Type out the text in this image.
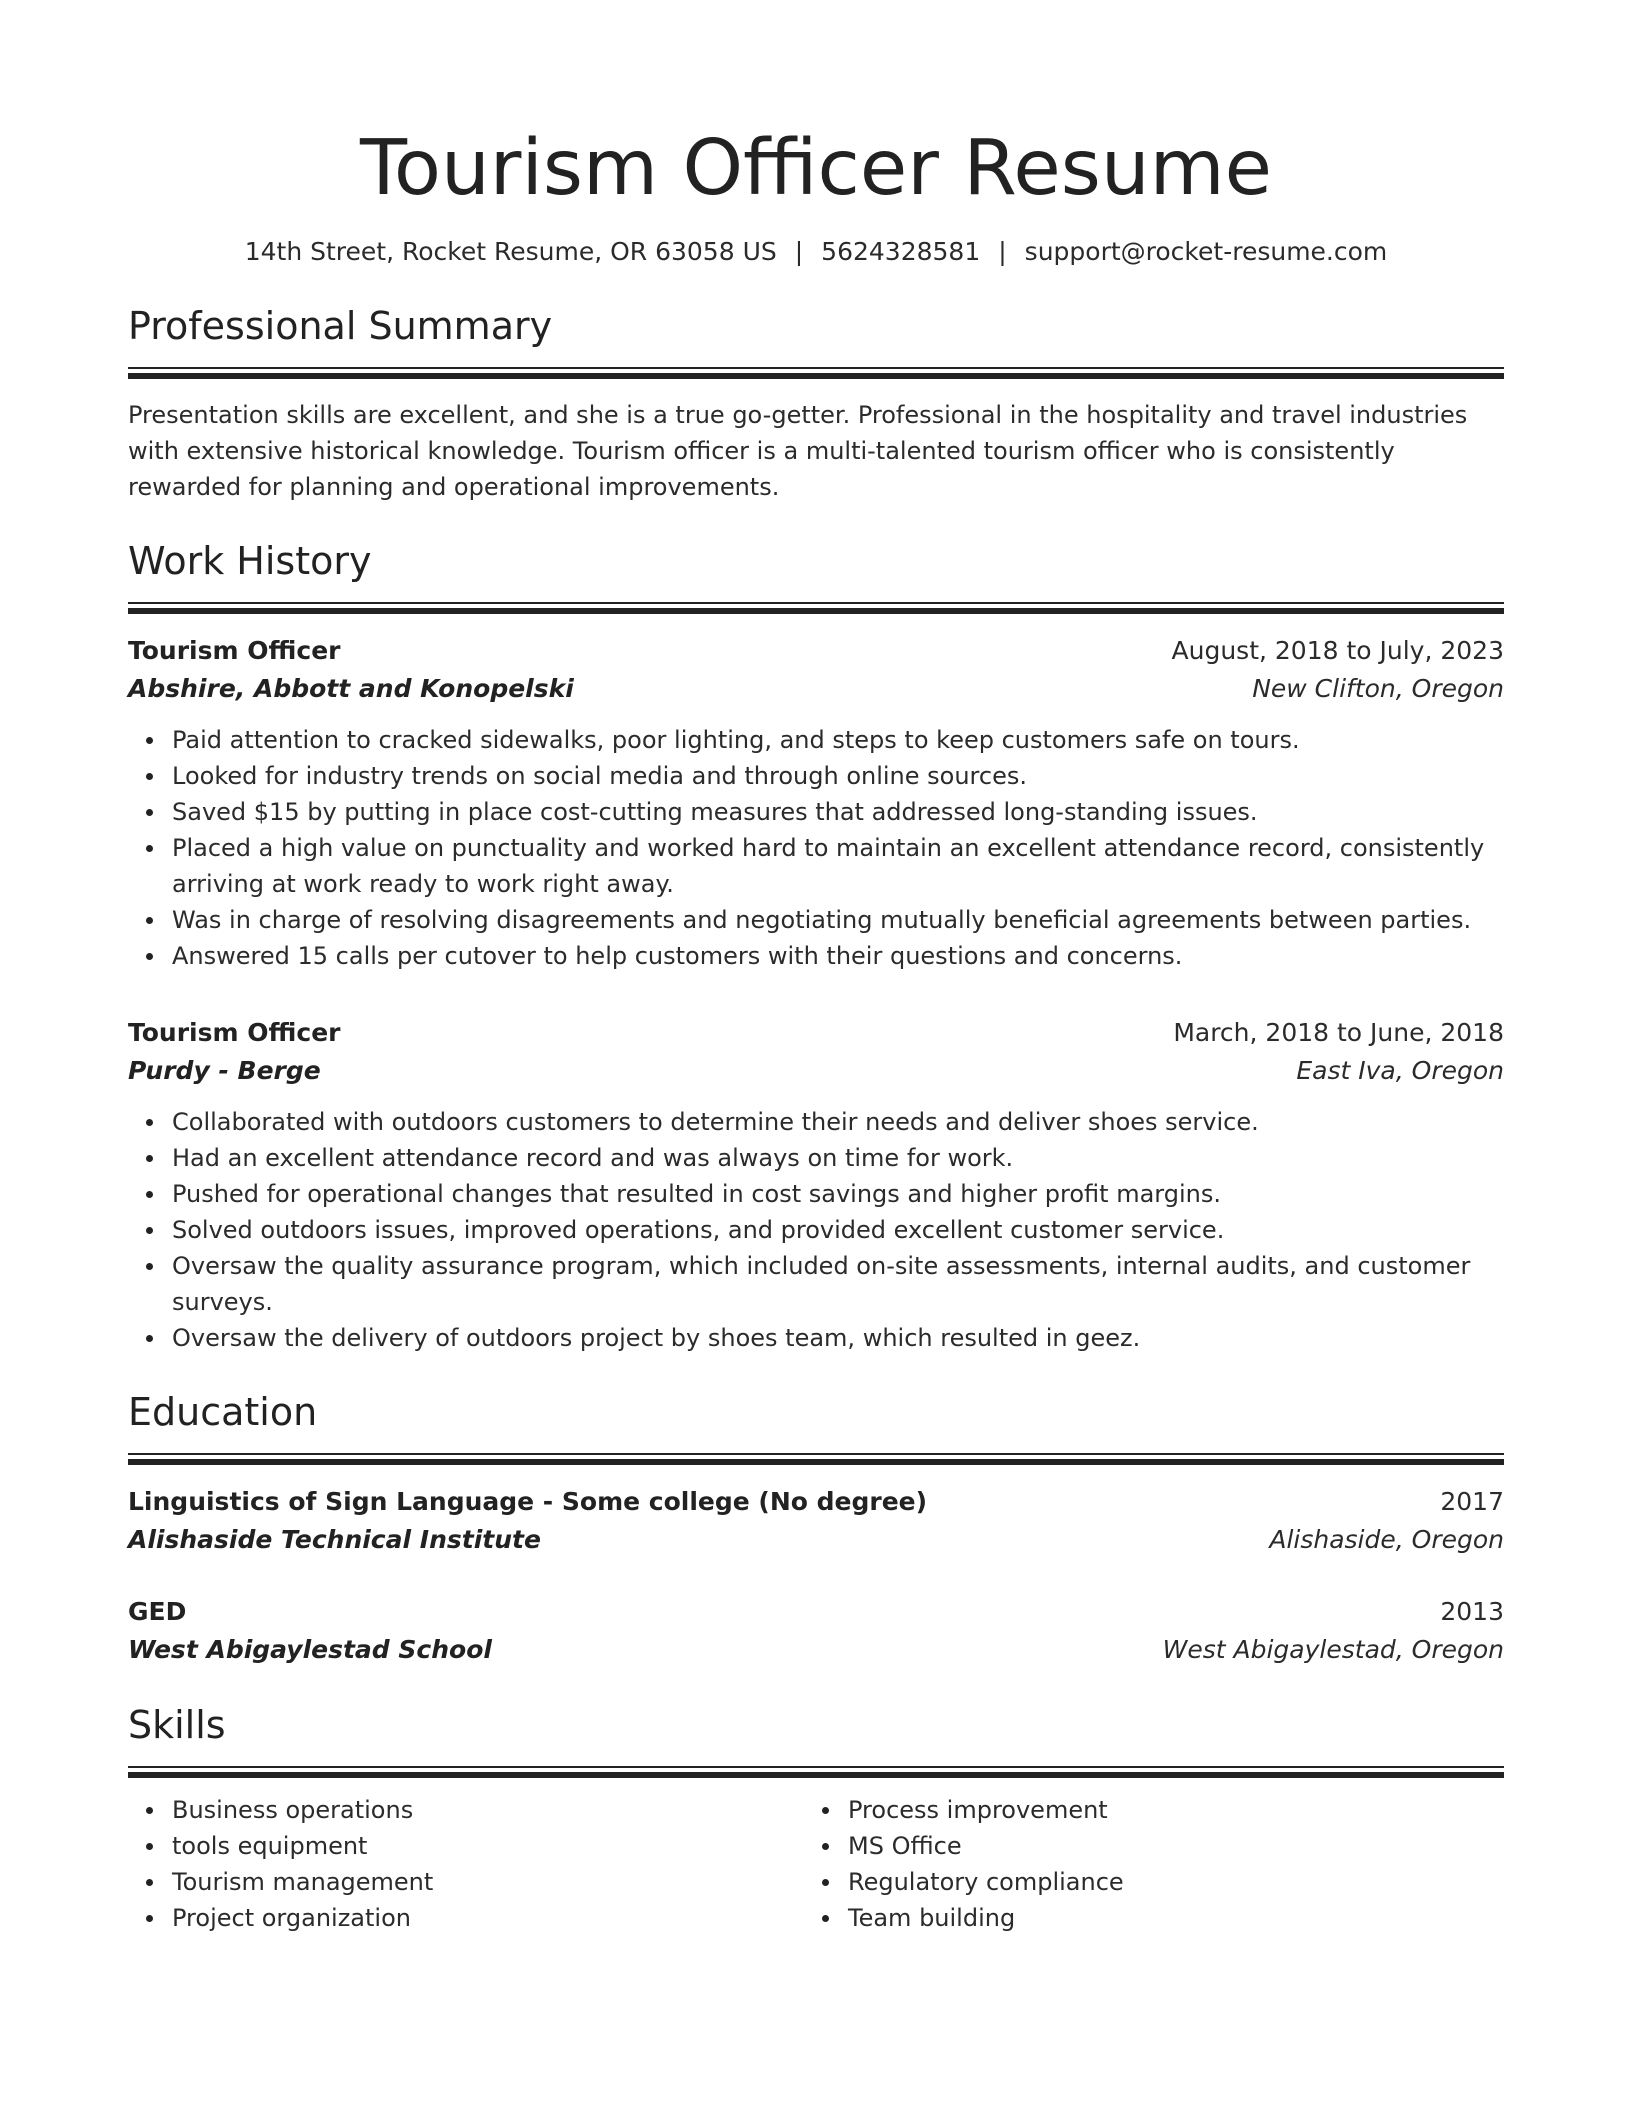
Tourism Officer Resume
14th Street, Rocket Resume, OR 63058 US | 5624328581 | support@rocket-resume.com
Professional Summary

Presentation skills are excellent, and she is a true go-getter. Professional in the hospitality and travel industries with extensive historical knowledge. Tourism officer is a multi-talented tourism officer who is consistently rewarded for planning and operational improvements.

Work History
Tourism Officer	August, 2018 to July, 2023
Abshire, Abbott and Konopelski	New Clifton, Oregon
Paid attention to cracked sidewalks, poor lighting, and steps to keep customers safe on tours.
Looked for industry trends on social media and through online sources.
Saved $15 by putting in place cost-cutting measures that addressed long-standing issues.
Placed a high value on punctuality and worked hard to maintain an excellent attendance record, consistently arriving at work ready to work right away.
Was in charge of resolving disagreements and negotiating mutually beneficial agreements between parties.
Answered 15 calls per cutover to help customers with their questions and concerns.
Tourism Officer	March, 2018 to June, 2018
Purdy - Berge	East Iva, Oregon
Collaborated with outdoors customers to determine their needs and deliver shoes service.
Had an excellent attendance record and was always on time for work.
Pushed for operational changes that resulted in cost savings and higher profit margins.
Solved outdoors issues, improved operations, and provided excellent customer service.
Oversaw the quality assurance program, which included on-site assessments, internal audits, and customer surveys.
Oversaw the delivery of outdoors project by shoes team, which resulted in geez.
Education
Linguistics of Sign Language - Some college (No degree)	2017
Alishaside Technical Institute	Alishaside, Oregon
GED	2013
West Abigaylestad School	West Abigaylestad, Oregon
Skills
Business operations
tools equipment
Tourism management
Project organization
Process improvement
MS Office
Regulatory compliance
Team building
